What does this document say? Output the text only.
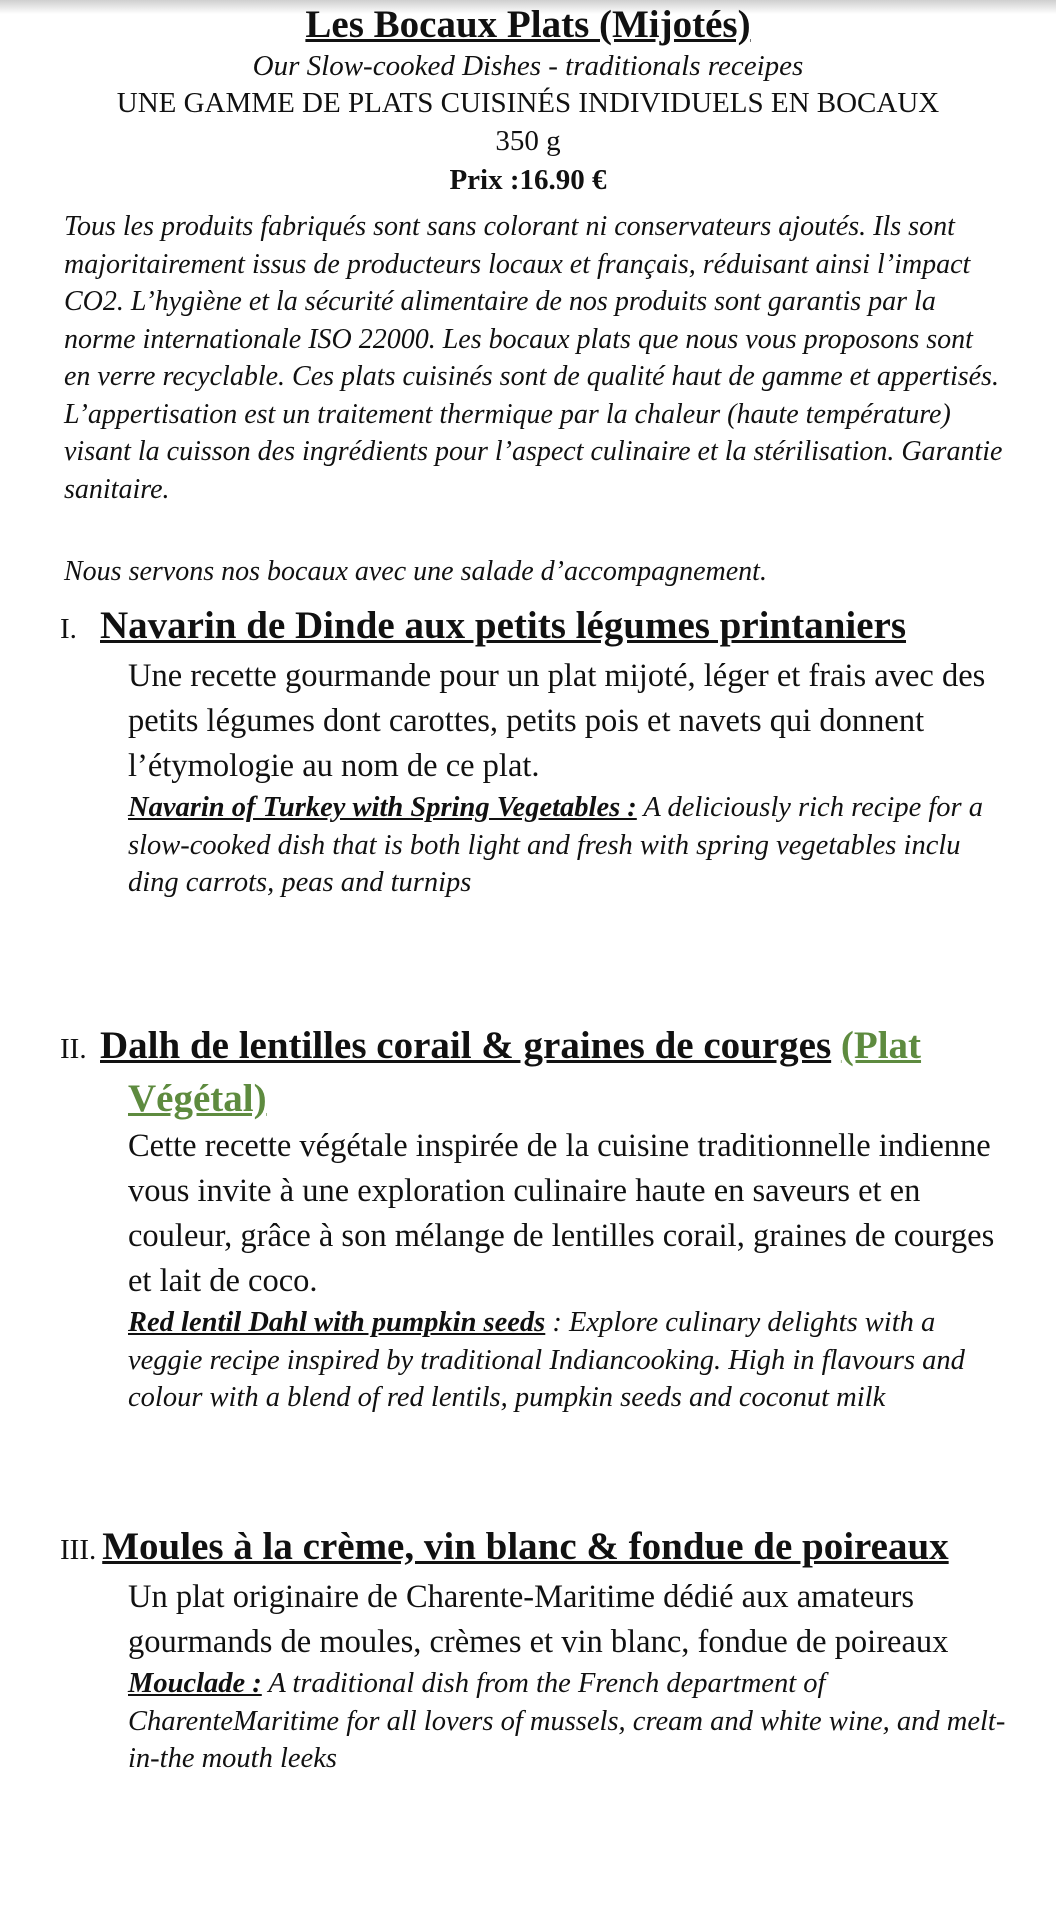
Les Bocaux Plats (Mijotés)
Our Slow-cooked Dishes - traditionals receipes
UNE GAMME DE PLATS CUISINÉS INDIVIDUELS EN BOCAUX
350 g
Prix :16.90 €
Tous les produits fabriqués sont sans colorant ni conservateurs ajoutés. Ils sont majoritairement issus de producteurs locaux et français, réduisant ainsi l’impact CO2. L’hygiène et la sécurité alimentaire de nos produits sont garantis par la norme internationale ISO 22000. Les bocaux plats que nous vous proposons sont en verre recyclable. Ces plats cuisinés sont de qualité haut de gamme et appertisés. L’appertisation est un traitement thermique par la chaleur (haute température) visant la cuisson des ingrédients pour l’aspect culinaire et la stérilisation. Garantie sanitaire.
Nous servons nos bocaux avec une salade d’accompagnement.
I. Navarin de Dinde aux petits légumes printaniers
Une recette gourmande pour un plat mijoté, léger et frais avec des petits légumes dont carottes, petits pois et navets qui donnent l’étymologie au nom de ce plat.
Navarin of Turkey with Spring Vegetables : A deliciously rich recipe for a slow-cooked dish that is both light and fresh with spring vegetables inclu ding carrots, peas and turnips
II. Dalh de lentilles corail & graines de courges (Plat Végétal)
Cette recette végétale inspirée de la cuisine traditionnelle indienne vous invite à une exploration culinaire haute en saveurs et en couleur, grâce à son mélange de lentilles corail, graines de courges et lait de coco.
Red lentil Dahl with pumpkin seeds : Explore culinary delights with a veggie recipe inspired by traditional Indiancooking. High in flavours and colour with a blend of red lentils, pumpkin seeds and coconut milk
III. Moules à la crème, vin blanc & fondue de poireaux
Un plat originaire de Charente-Maritime dédié aux amateurs gourmands de moules, crèmes et vin blanc, fondue de poireaux
Mouclade : A traditional dish from the French department of CharenteMaritime for all lovers of mussels, cream and white wine, and melt-in-the mouth leeks
